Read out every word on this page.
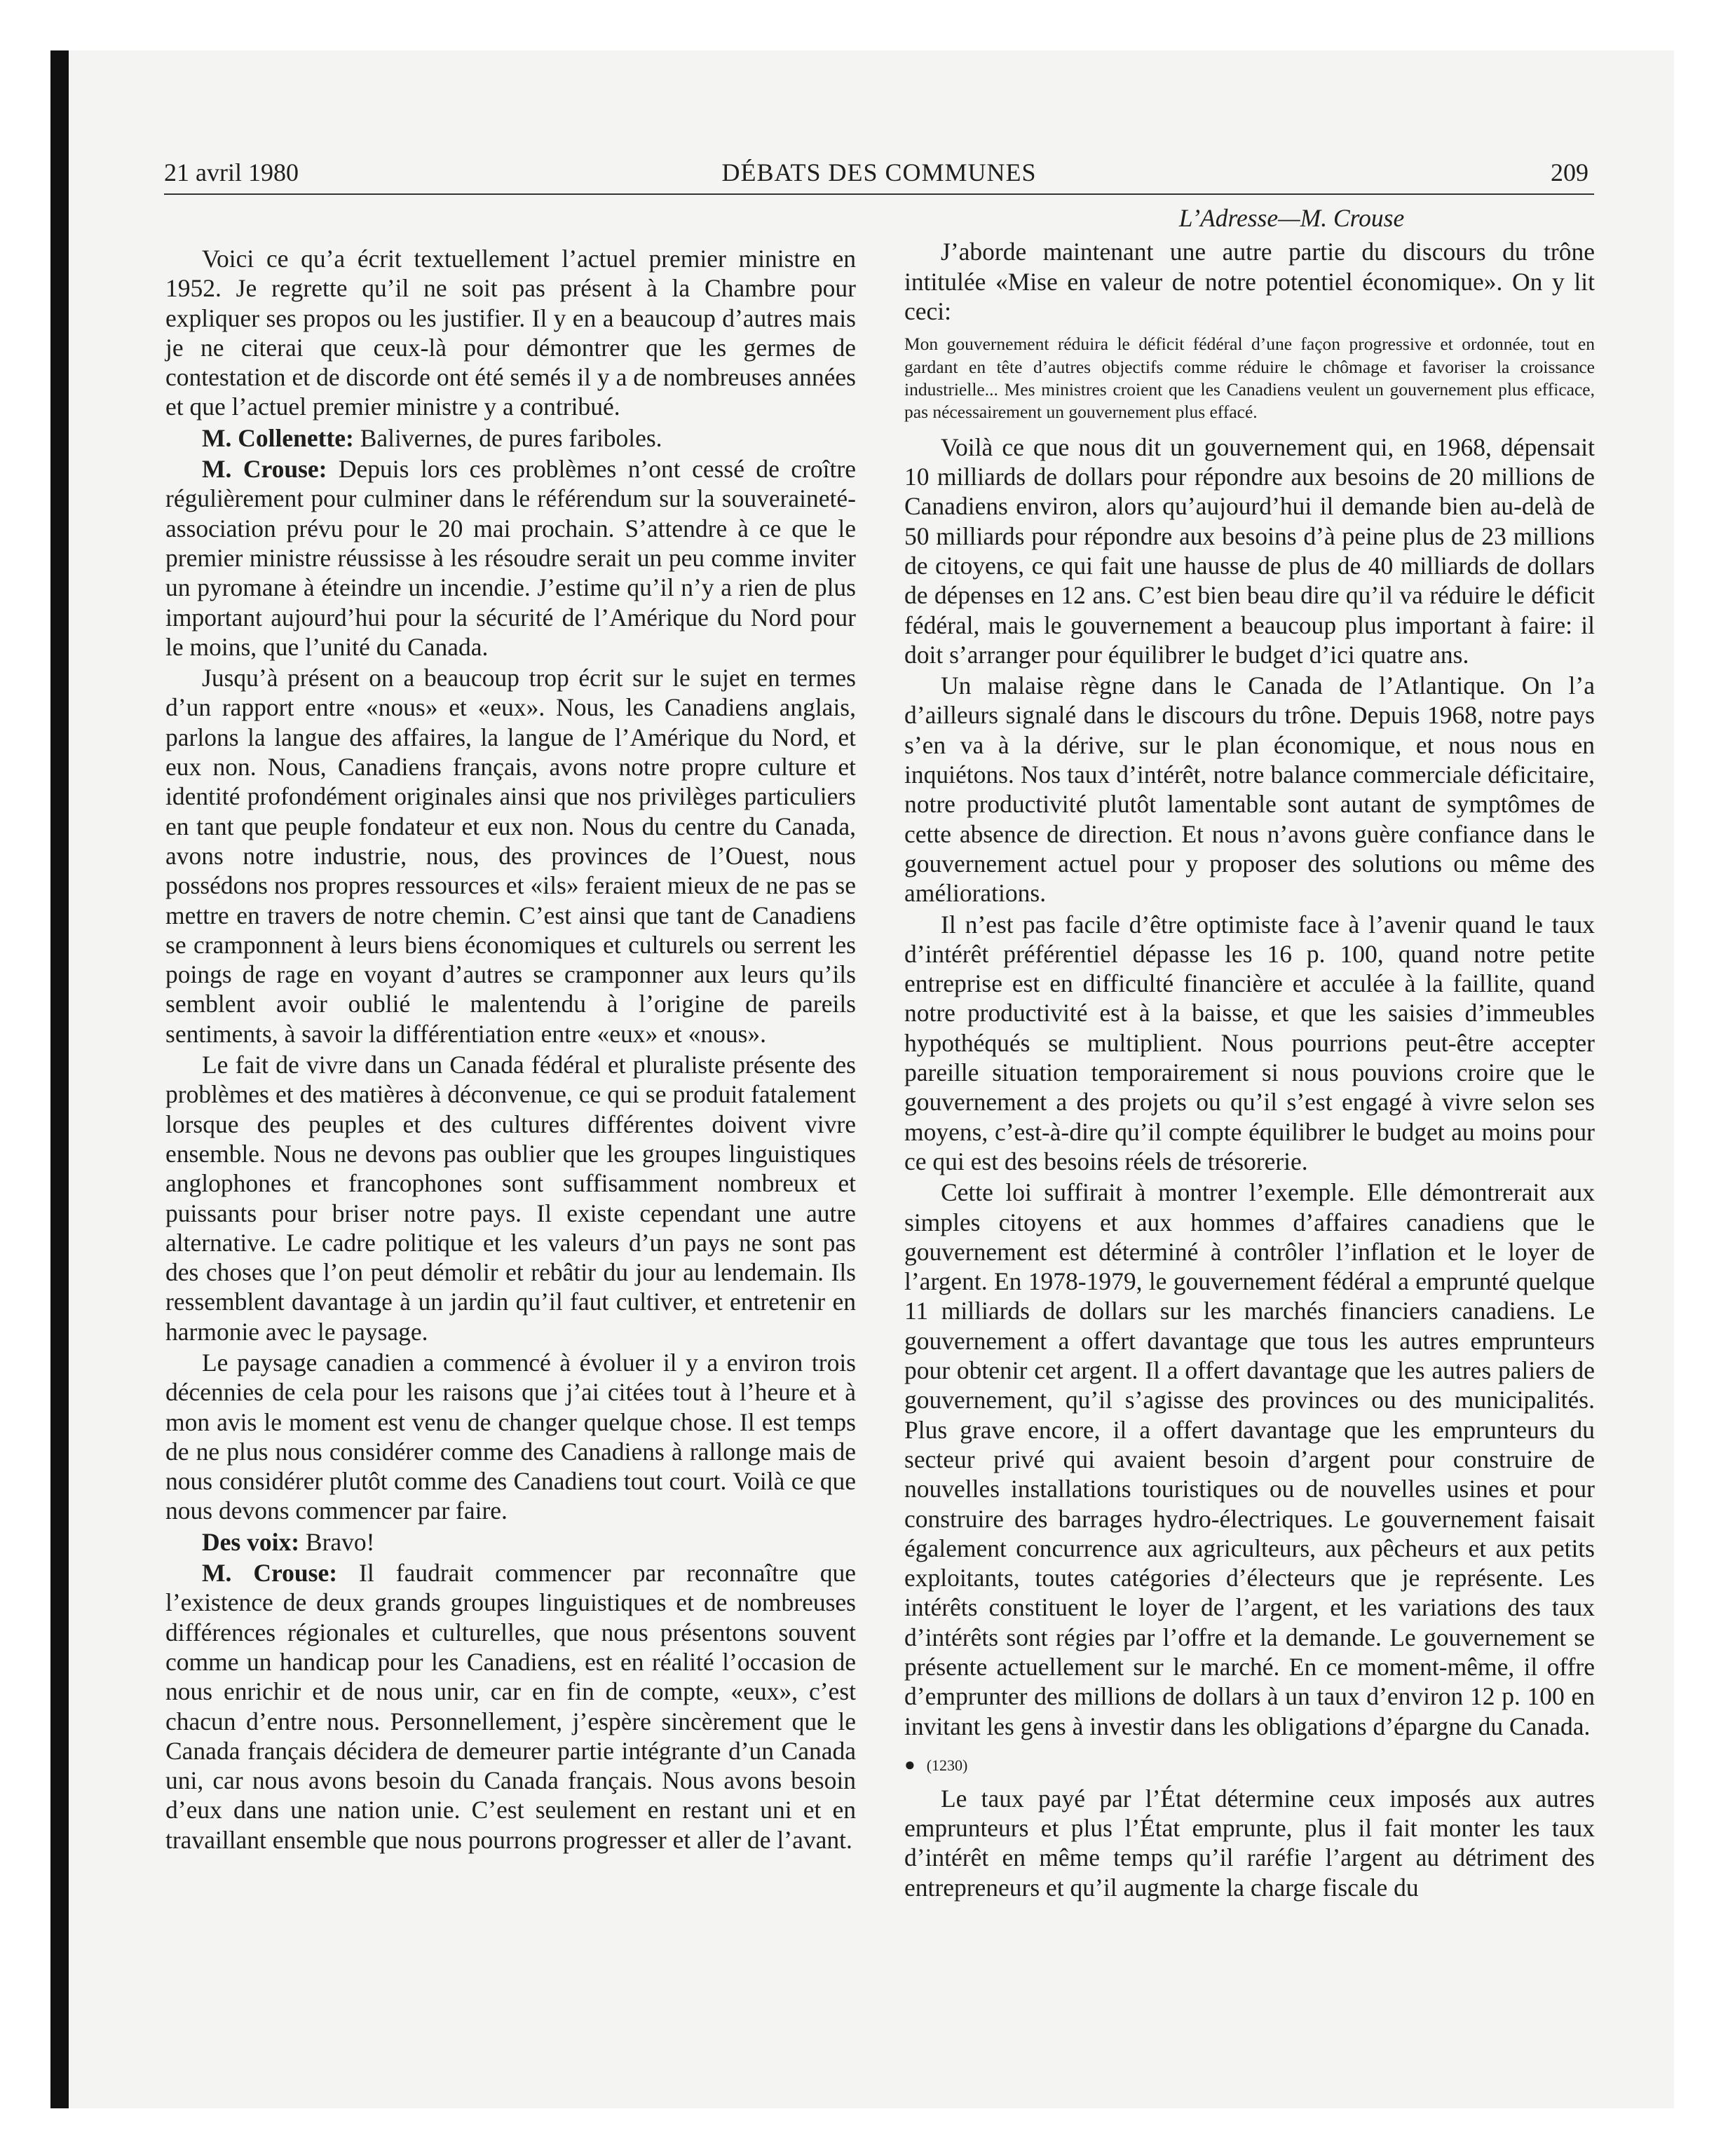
21 avril 1980	DÉBATS DES COMMUNES	209

Voici ce qu’a écrit textuellement l’actuel premier ministre en 1952. Je regrette qu’il ne soit pas présent à la Chambre pour expliquer ses propos ou les justifier. Il y en a beaucoup d’autres mais je ne citerai que ceux-là pour démontrer que les germes de contestation et de discorde ont été semés il y a de nombreuses années et que l’actuel premier ministre y a contribué.

M. Collenette: Balivernes, de pures fariboles.

M. Crouse: Depuis lors ces problèmes n’ont cessé de croître régulièrement pour culminer dans le référendum sur la souveraineté-association prévu pour le 20 mai prochain. S’attendre à ce que le premier ministre réussisse à les résoudre serait un peu comme inviter un pyromane à éteindre un incendie. J’estime qu’il n’y a rien de plus important aujourd’hui pour la sécurité de l’Amérique du Nord pour le moins, que l’unité du Canada.

Jusqu’à présent on a beaucoup trop écrit sur le sujet en termes d’un rapport entre «nous» et «eux». Nous, les Canadiens anglais, parlons la langue des affaires, la langue de l’Amérique du Nord, et eux non. Nous, Canadiens français, avons notre propre culture et identité profondément originales ainsi que nos privilèges particuliers en tant que peuple fondateur et eux non. Nous du centre du Canada, avons notre industrie, nous, des provinces de l’Ouest, nous possédons nos propres ressources et «ils» feraient mieux de ne pas se mettre en travers de notre chemin. C’est ainsi que tant de Canadiens se cramponnent à leurs biens économiques et culturels ou serrent les poings de rage en voyant d’autres se cramponner aux leurs qu’ils semblent avoir oublié le malentendu à l’origine de pareils sentiments, à savoir la différentiation entre «eux» et «nous».

Le fait de vivre dans un Canada fédéral et pluraliste présente des problèmes et des matières à déconvenue, ce qui se produit fatalement lorsque des peuples et des cultures différentes doivent vivre ensemble. Nous ne devons pas oublier que les groupes linguistiques anglophones et francophones sont suffisamment nombreux et puissants pour briser notre pays. Il existe cependant une autre alternative. Le cadre politique et les valeurs d’un pays ne sont pas des choses que l’on peut démolir et rebâtir du jour au lendemain. Ils ressemblent davantage à un jardin qu’il faut cultiver, et entretenir en harmonie avec le paysage.

Le paysage canadien a commencé à évoluer il y a environ trois décennies de cela pour les raisons que j’ai citées tout à l’heure et à mon avis le moment est venu de changer quelque chose. Il est temps de ne plus nous considérer comme des Canadiens à rallonge mais de nous considérer plutôt comme des Canadiens tout court. Voilà ce que nous devons commencer par faire.

Des voix: Bravo!

M. Crouse: Il faudrait commencer par reconnaître que l’existence de deux grands groupes linguistiques et de nombreuses différences régionales et culturelles, que nous présentons souvent comme un handicap pour les Canadiens, est en réalité l’occasion de nous enrichir et de nous unir, car en fin de compte, «eux», c’est chacun d’entre nous. Personnellement, j’espère sincèrement que le Canada français décidera de demeurer partie intégrante d’un Canada uni, car nous avons besoin du Canada français. Nous avons besoin d’eux dans une nation unie. C’est seulement en restant uni et en travaillant ensemble que nous pourrons progresser et aller de l’avant.

L’Adresse—M. Crouse

J’aborde maintenant une autre partie du discours du trône intitulée «Mise en valeur de notre potentiel économique». On y lit ceci:

Mon gouvernement réduira le déficit fédéral d’une façon progressive et ordonnée, tout en gardant en tête d’autres objectifs comme réduire le chômage et favoriser la croissance industrielle... Mes ministres croient que les Canadiens veulent un gouvernement plus efficace, pas nécessairement un gouvernement plus effacé.

Voilà ce que nous dit un gouvernement qui, en 1968, dépensait 10 milliards de dollars pour répondre aux besoins de 20 millions de Canadiens environ, alors qu’aujourd’hui il demande bien au-delà de 50 milliards pour répondre aux besoins d’à peine plus de 23 millions de citoyens, ce qui fait une hausse de plus de 40 milliards de dollars de dépenses en 12 ans. C’est bien beau dire qu’il va réduire le déficit fédéral, mais le gouvernement a beaucoup plus important à faire: il doit s’arranger pour équilibrer le budget d’ici quatre ans.

Un malaise règne dans le Canada de l’Atlantique. On l’a d’ailleurs signalé dans le discours du trône. Depuis 1968, notre pays s’en va à la dérive, sur le plan économique, et nous nous en inquiétons. Nos taux d’intérêt, notre balance commerciale déficitaire, notre productivité plutôt lamentable sont autant de symptômes de cette absence de direction. Et nous n’avons guère confiance dans le gouvernement actuel pour y proposer des solutions ou même des améliorations.

Il n’est pas facile d’être optimiste face à l’avenir quand le taux d’intérêt préférentiel dépasse les 16 p. 100, quand notre petite entreprise est en difficulté financière et acculée à la faillite, quand notre productivité est à la baisse, et que les saisies d’immeubles hypothéqués se multiplient. Nous pourrions peut-être accepter pareille situation temporairement si nous pouvions croire que le gouvernement a des projets ou qu’il s’est engagé à vivre selon ses moyens, c’est-à-dire qu’il compte équilibrer le budget au moins pour ce qui est des besoins réels de trésorerie.

Cette loi suffirait à montrer l’exemple. Elle démontrerait aux simples citoyens et aux hommes d’affaires canadiens que le gouvernement est déterminé à contrôler l’inflation et le loyer de l’argent. En 1978-1979, le gouvernement fédéral a emprunté quelque 11 milliards de dollars sur les marchés financiers canadiens. Le gouvernement a offert davantage que tous les autres emprunteurs pour obtenir cet argent. Il a offert davantage que les autres paliers de gouvernement, qu’il s’agisse des provinces ou des municipalités. Plus grave encore, il a offert davantage que les emprunteurs du secteur privé qui avaient besoin d’argent pour construire de nouvelles installations touristiques ou de nouvelles usines et pour construire des barrages hydro-électriques. Le gouvernement faisait également concurrence aux agriculteurs, aux pêcheurs et aux petits exploitants, toutes catégories d’électeurs que je représente. Les intérêts constituent le loyer de l’argent, et les variations des taux d’intérêts sont régies par l’offre et la demande. Le gouvernement se présente actuellement sur le marché. En ce moment-même, il offre d’emprunter des millions de dollars à un taux d’environ 12 p. 100 en invitant les gens à investir dans les obligations d’épargne du Canada.

● (1230)

Le taux payé par l’État détermine ceux imposés aux autres emprunteurs et plus l’État emprunte, plus il fait monter les taux d’intérêt en même temps qu’il raréfie l’argent au détriment des entrepreneurs et qu’il augmente la charge fiscale du
